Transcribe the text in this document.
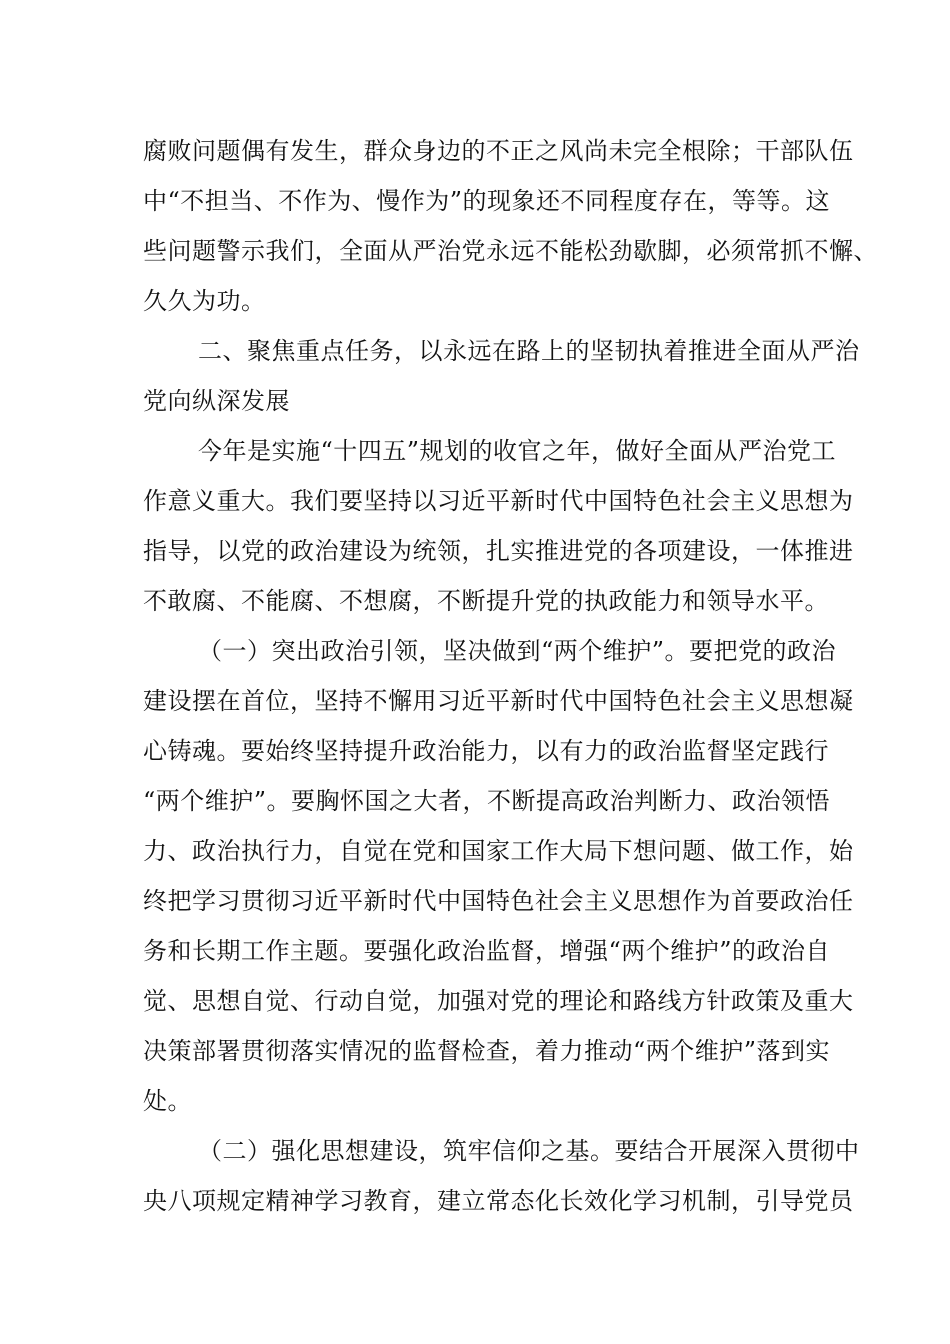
腐败问题偶有发生，群众身边的不正之风尚未完全根除；干部队伍
中“不担当、不作为、慢作为”的现象还不同程度存在，等等。这
些问题警示我们，全面从严治党永远不能松劲歇脚，必须常抓不懈、
久久为功。
二、聚焦重点任务，以永远在路上的坚韧执着推进全面从严治
党向纵深发展
今年是实施“十四五”规划的收官之年，做好全面从严治党工
作意义重大。我们要坚持以习近平新时代中国特色社会主义思想为
指导，以党的政治建设为统领，扎实推进党的各项建设，一体推进
不敢腐、不能腐、不想腐，不断提升党的执政能力和领导水平。
（一）突出政治引领，坚决做到“两个维护”。要把党的政治
建设摆在首位，坚持不懈用习近平新时代中国特色社会主义思想凝
心铸魂。要始终坚持提升政治能力，以有力的政治监督坚定践行
“两个维护”。要胸怀国之大者，不断提高政治判断力、政治领悟
力、政治执行力，自觉在党和国家工作大局下想问题、做工作，始
终把学习贯彻习近平新时代中国特色社会主义思想作为首要政治任
务和长期工作主题。要强化政治监督，增强“两个维护”的政治自
觉、思想自觉、行动自觉，加强对党的理论和路线方针政策及重大
决策部署贯彻落实情况的监督检查，着力推动“两个维护”落到实
处。
（二）强化思想建设，筑牢信仰之基。要结合开展深入贯彻中
央八项规定精神学习教育，建立常态化长效化学习机制，引导党员
